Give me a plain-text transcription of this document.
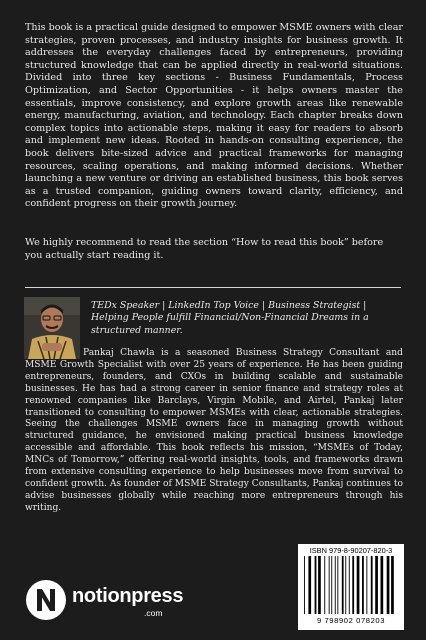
This book is a practical guide designed to empower MSME owners with clear strategies, proven processes, and industry insights for business growth. It addresses the everyday challenges faced by entrepreneurs, providing structured knowledge that can be applied directly in real-world situations. Divided into three key sections - Business Fundamentals, Process Optimization, and Sector Opportunities - it helps owners master the essentials, improve consistency, and explore growth areas like renewable energy, manufacturing, aviation, and technology. Each chapter breaks down complex topics into actionable steps, making it easy for readers to absorb and implement new ideas. Rooted in hands-on consulting experience, the book delivers bite-sized advice and practical frameworks for managing resources, scaling operations, and making informed decisions. Whether launching a new venture or driving an established business, this book serves as a trusted companion, guiding owners toward clarity, efficiency, and confident progress on their growth journey.

We highly recommend to read the section “How to read this book” before you actually start reading it.

TEDx Speaker | LinkedIn Top Voice | Business Strategist | Helping People fulfill Financial/Non-Financial Dreams in a structured manner.

Pankaj Chawla is a seasoned Business Strategy Consultant and MSME Growth Specialist with over 25 years of experience. He has been guiding entrepreneurs, founders, and CXOs in building scalable and sustainable businesses. He has had a strong career in senior finance and strategy roles at renowned companies like Barclays, Virgin Mobile, and Airtel, Pankaj later transitioned to consulting to empower MSMEs with clear, actionable strategies. Seeing the challenges MSME owners face in managing growth without structured guidance, he envisioned making practical business knowledge accessible and affordable. This book reflects his mission, “MSMEs of Today, MNCs of Tomorrow,” offering real-world insights, tools, and frameworks drawn from extensive consulting experience to help businesses move from survival to confident growth. As founder of MSME Strategy Consultants, Pankaj continues to advise businesses globally while reaching more entrepreneurs through his writing.

ISBN 979-8-90207-820-3
9 798902 078203
notionpress
.com
